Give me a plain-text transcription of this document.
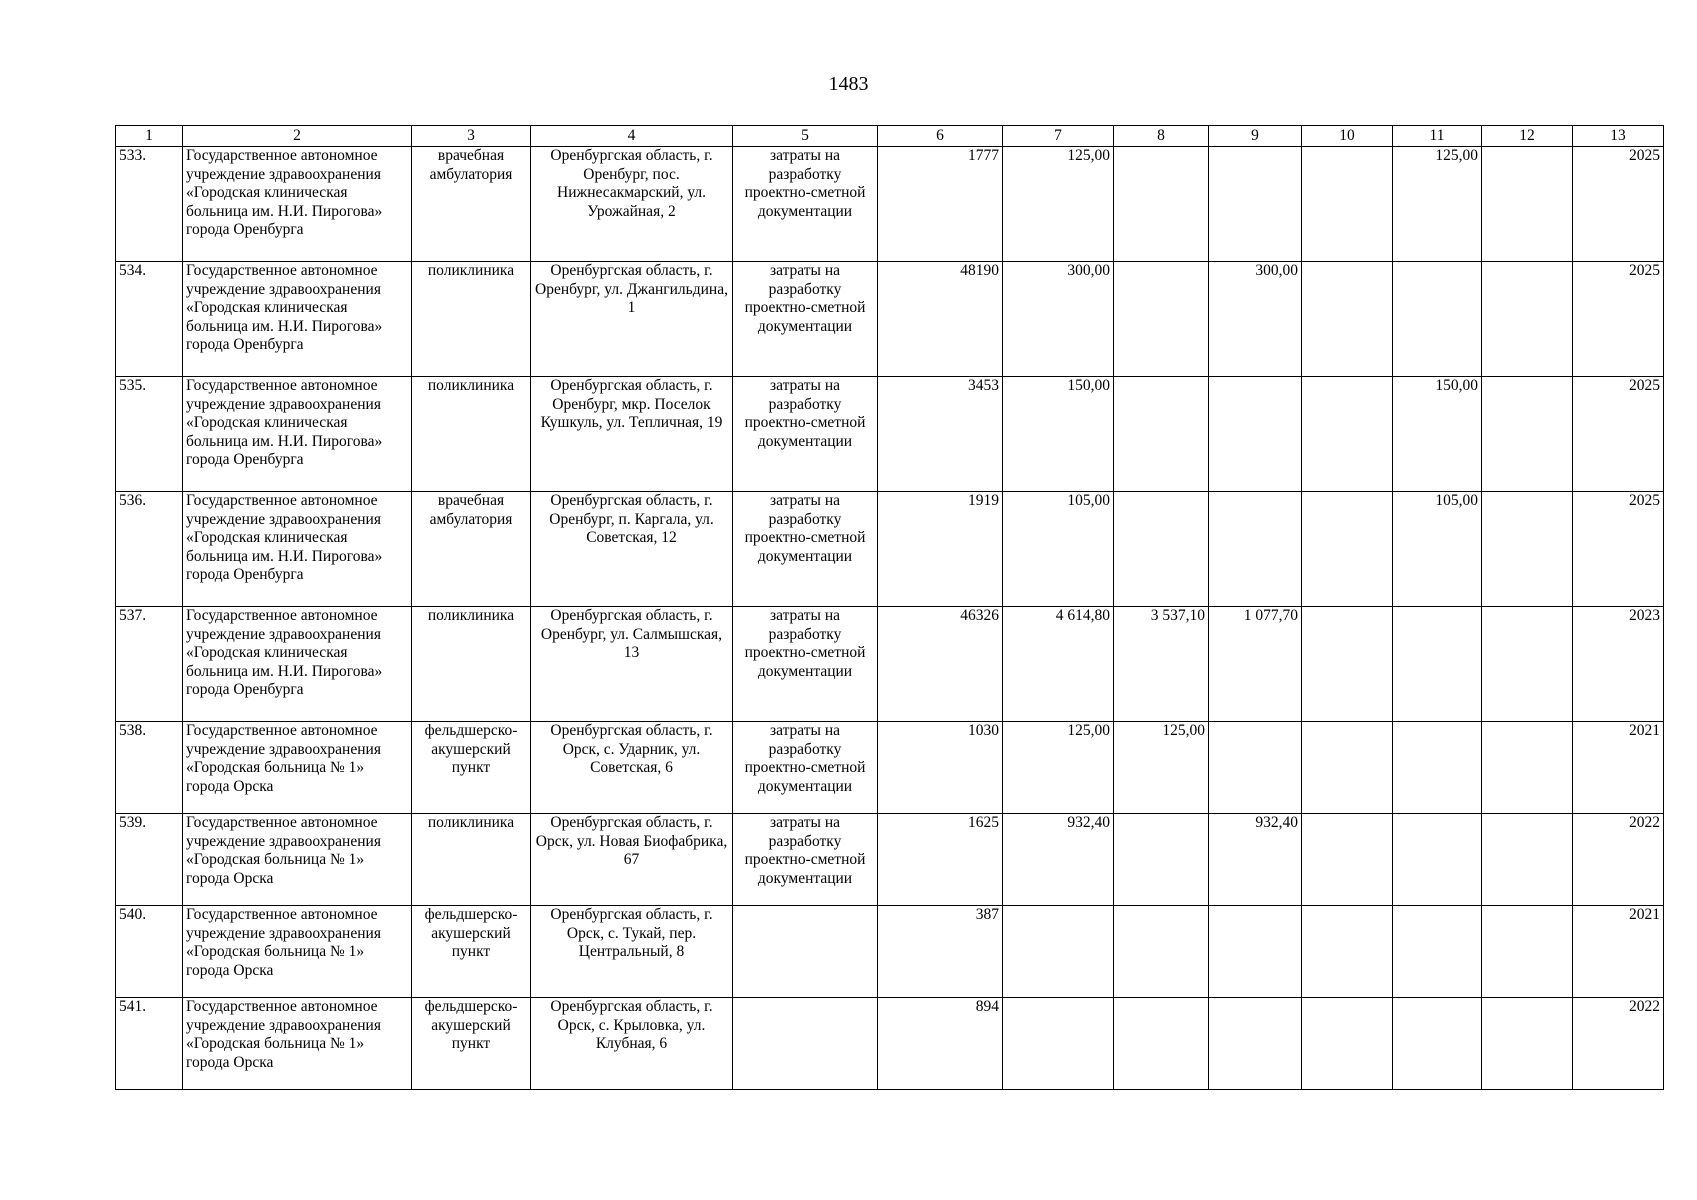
1483
1	2	3	4	5	6	7	8	9	10	11	12	13
533.	Государственное автономное учреждение здравоохранения «Городская клиническая больница им. Н.И. Пирогова» города Оренбурга	врачебная амбулатория	Оренбургская область, г. Оренбург, пос. Нижнесакмарский, ул. Урожайная, 2	затраты на разработку проектно-сметной документации	1777	125,00				125,00		2025
534.	Государственное автономное учреждение здравоохранения «Городская клиническая больница им. Н.И. Пирогова» города Оренбурга	поликлиника	Оренбургская область, г. Оренбург, ул. Джангильдина, 1	затраты на разработку проектно-сметной документации	48190	300,00		300,00				2025
535.	Государственное автономное учреждение здравоохранения «Городская клиническая больница им. Н.И. Пирогова» города Оренбурга	поликлиника	Оренбургская область, г. Оренбург, мкр. Поселок Кушкуль, ул. Тепличная, 19	затраты на разработку проектно-сметной документации	3453	150,00				150,00		2025
536.	Государственное автономное учреждение здравоохранения «Городская клиническая больница им. Н.И. Пирогова» города Оренбурга	врачебная амбулатория	Оренбургская область, г. Оренбург, п. Каргала, ул. Советская, 12	затраты на разработку проектно-сметной документации	1919	105,00				105,00		2025
537.	Государственное автономное учреждение здравоохранения «Городская клиническая больница им. Н.И. Пирогова» города Оренбурга	поликлиника	Оренбургская область, г. Оренбург, ул. Салмышская, 13	затраты на разработку проектно-сметной документации	46326	4 614,80	3 537,10	1 077,70				2023
538.	Государственное автономное учреждение здравоохранения «Городская больница № 1» города Орска	фельдшерско-акушерский пункт	Оренбургская область, г. Орск, с. Ударник, ул. Советская, 6	затраты на разработку проектно-сметной документации	1030	125,00	125,00					2021
539.	Государственное автономное учреждение здравоохранения «Городская больница № 1» города Орска	поликлиника	Оренбургская область, г. Орск, ул. Новая Биофабрика, 67	затраты на разработку проектно-сметной документации	1625	932,40		932,40				2022
540.	Государственное автономное учреждение здравоохранения «Городская больница № 1» города Орска	фельдшерско-акушерский пункт	Оренбургская область, г. Орск, с. Тукай, пер. Центральный, 8		387							2021
541.	Государственное автономное учреждение здравоохранения «Городская больница № 1» города Орска	фельдшерско-акушерский пункт	Оренбургская область, г. Орск, с. Крыловка, ул. Клубная, 6		894							2022
